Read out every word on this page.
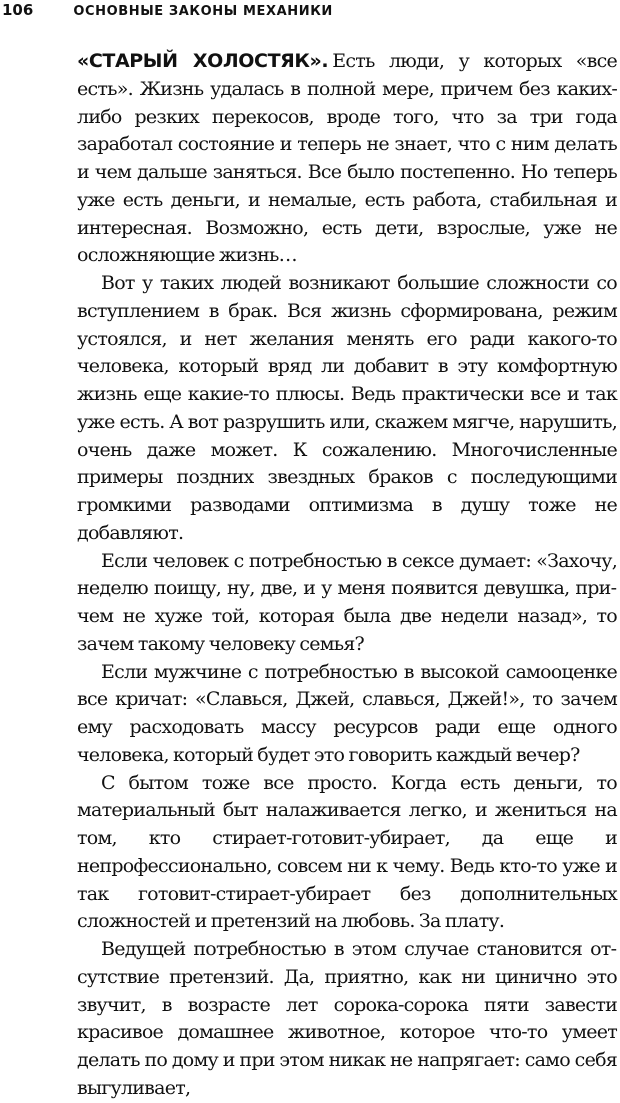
106	ОСНОВНЫЕ ЗАКОНЫ МЕХАНИКИ

«СТАРЫЙ ХОЛОСТЯК». Есть люди, у которых «все есть». Жизнь удалась в полной мере, причем без каких-либо резких перекосов, вроде того, что за три года заработал состояние и теперь не знает, что с ним делать и чем дальше заняться. Все было постепенно. Но теперь уже есть деньги, и немалые, есть работа, стабильная и интересная. Возможно, есть дети, взрослые, уже не осложняющие жизнь…

Вот у таких людей возникают большие сложности со вступлением в брак. Вся жизнь сформирована, режим устоялся, и нет желания менять его ради какого-то человека, который вряд ли добавит в эту комфортную жизнь еще какие-то плюсы. Ведь практически все и так уже есть. А вот разрушить или, скажем мягче, нарушить, очень даже может. К сожалению. Многочисленные примеры поздних звездных браков с последующими громкими разводами оптимизма в душу тоже не добавляют.

Если человек с потребностью в сексе думает: «Захочу, неделю поищу, ну, две, и у меня появится девушка, причем не хуже той, которая была две недели назад», то зачем такому человеку семья?

Если мужчине с потребностью в высокой самооценке все кричат: «Славься, Джей, славься, Джей!», то зачем ему расходовать массу ресурсов ради еще одного человека, который будет это говорить каждый вечер?

С бытом тоже все просто. Когда есть деньги, то материальный быт налаживается легко, и жениться на том, кто стирает-готовит-убирает, да еще и непрофессионально, совсем ни к чему. Ведь кто-то уже и так готовит-стирает-убирает без дополнительных сложностей и претензий на любовь. За плату.

Ведущей потребностью в этом случае становится отсутствие претензий. Да, приятно, как ни цинично это звучит, в возрасте лет сорока-сорока пяти завести красивое домашнее животное, которое что-то умеет делать по дому и при этом никак не напрягает: само себя выгуливает,
